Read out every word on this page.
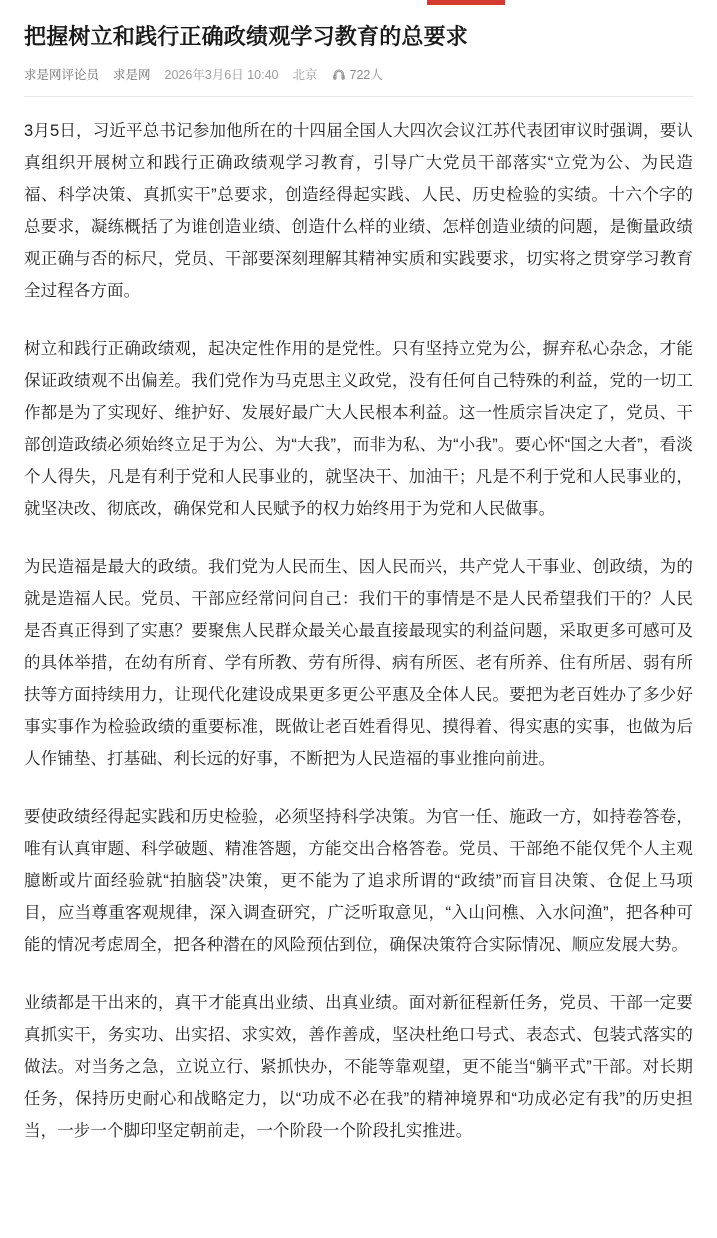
把握树立和践行正确政绩观学习教育的总要求
求是网评论员 求是网 2026年3月6日 10:40 北京	722人

3月5日，习近平总书记参加他所在的十四届全国人大四次会议江苏代表团审议时强调，要认真组织开展树立和践行正确政绩观学习教育，引导广大党员干部落实“立党为公、为民造福、科学决策、真抓实干”总要求，创造经得起实践、人民、历史检验的实绩。十六个字的总要求，凝练概括了为谁创造业绩、创造什么样的业绩、怎样创造业绩的问题，是衡量政绩观正确与否的标尺，党员、干部要深刻理解其精神实质和实践要求，切实将之贯穿学习教育全过程各方面。

树立和践行正确政绩观，起决定性作用的是党性。只有坚持立党为公，摒弃私心杂念，才能保证政绩观不出偏差。我们党作为马克思主义政党，没有任何自己特殊的利益，党的一切工作都是为了实现好、维护好、发展好最广大人民根本利益。这一性质宗旨决定了，党员、干部创造政绩必须始终立足于为公、为“大我”，而非为私、为“小我”。要心怀“国之大者”，看淡个人得失，凡是有利于党和人民事业的，就坚决干、加油干；凡是不利于党和人民事业的，就坚决改、彻底改，确保党和人民赋予的权力始终用于为党和人民做事。

为民造福是最大的政绩。我们党为人民而生、因人民而兴，共产党人干事业、创政绩，为的就是造福人民。党员、干部应经常问问自己：我们干的事情是不是人民希望我们干的？人民是否真正得到了实惠？要聚焦人民群众最关心最直接最现实的利益问题，采取更多可感可及的具体举措，在幼有所育、学有所教、劳有所得、病有所医、老有所养、住有所居、弱有所扶等方面持续用力，让现代化建设成果更多更公平惠及全体人民。要把为老百姓办了多少好事实事作为检验政绩的重要标准，既做让老百姓看得见、摸得着、得实惠的实事，也做为后人作铺垫、打基础、利长远的好事，不断把为人民造福的事业推向前进。

要使政绩经得起实践和历史检验，必须坚持科学决策。为官一任、施政一方，如持卷答卷，唯有认真审题、科学破题、精准答题，方能交出合格答卷。党员、干部绝不能仅凭个人主观臆断或片面经验就“拍脑袋”决策，更不能为了追求所谓的“政绩”而盲目决策、仓促上马项目，应当尊重客观规律，深入调查研究，广泛听取意见，“入山问樵、入水问渔”，把各种可能的情况考虑周全，把各种潜在的风险预估到位，确保决策符合实际情况、顺应发展大势。

业绩都是干出来的，真干才能真出业绩、出真业绩。面对新征程新任务，党员、干部一定要真抓实干，务实功、出实招、求实效，善作善成，坚决杜绝口号式、表态式、包装式落实的做法。对当务之急，立说立行、紧抓快办，不能等靠观望，更不能当“躺平式”干部。对长期任务，保持历史耐心和战略定力，以“功成不必在我”的精神境界和“功成必定有我”的历史担当，一步一个脚印坚定朝前走，一个阶段一个阶段扎实推进。
